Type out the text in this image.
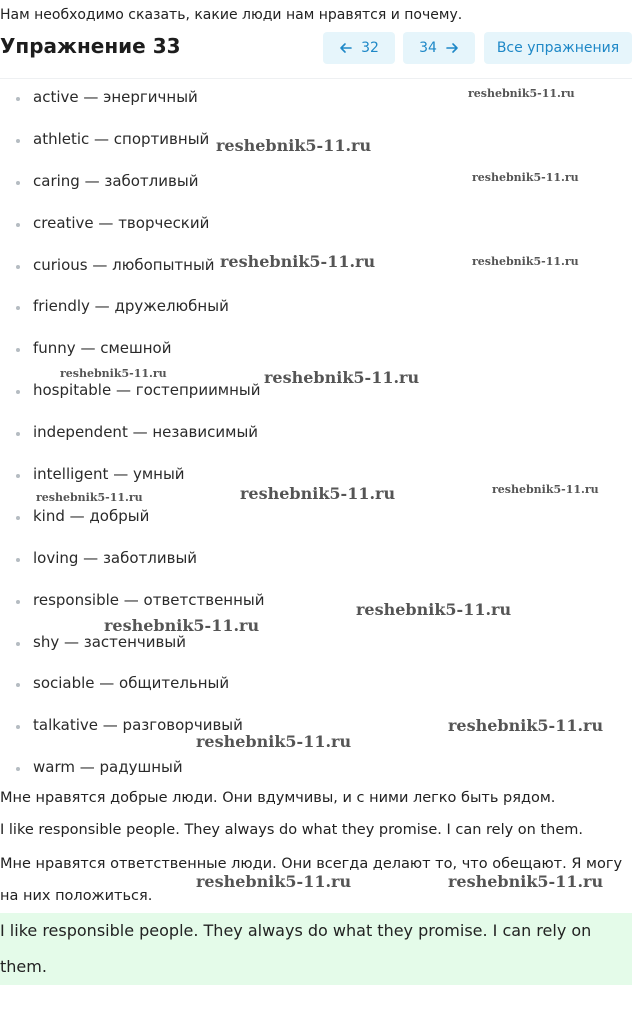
Нам необходимо сказать, какие люди нам нравятся и почему.
Упражнение 33	32	34	Все упражнения
active — энергичный
athletic — спортивный
caring — заботливый
creative — творческий
curious — любопытный
friendly — дружелюбный
funny — смешной
hospitable — гостеприимный
independent — независимый
intelligent — умный
kind — добрый
loving — заботливый
responsible — ответственный
shy — застенчивый
sociable — общительный
talkative — разговорчивый
warm — радушный
Мне нравятся добрые люди. Они вдумчивы, и с ними легко быть рядом.
I like responsible people. They always do what they promise. I can rely on them.
Мне нравятся ответственные люди. Они всегда делают то, что обещают. Я могу
на них положиться.
I like responsible people. They always do what they promise. I can rely on
them.
reshebnik5-11.ru
reshebnik5-11.ru
reshebnik5-11.ru
reshebnik5-11.ru	reshebnik5-11.ru
reshebnik5-11.ru	reshebnik5-11.ru
reshebnik5-11.ru	reshebnik5-11.ru
reshebnik5-11.ru
reshebnik5-11.ru
reshebnik5-11.ru
reshebnik5-11.ru
reshebnik5-11.ru
reshebnik5-11.ru	reshebnik5-11.ru
